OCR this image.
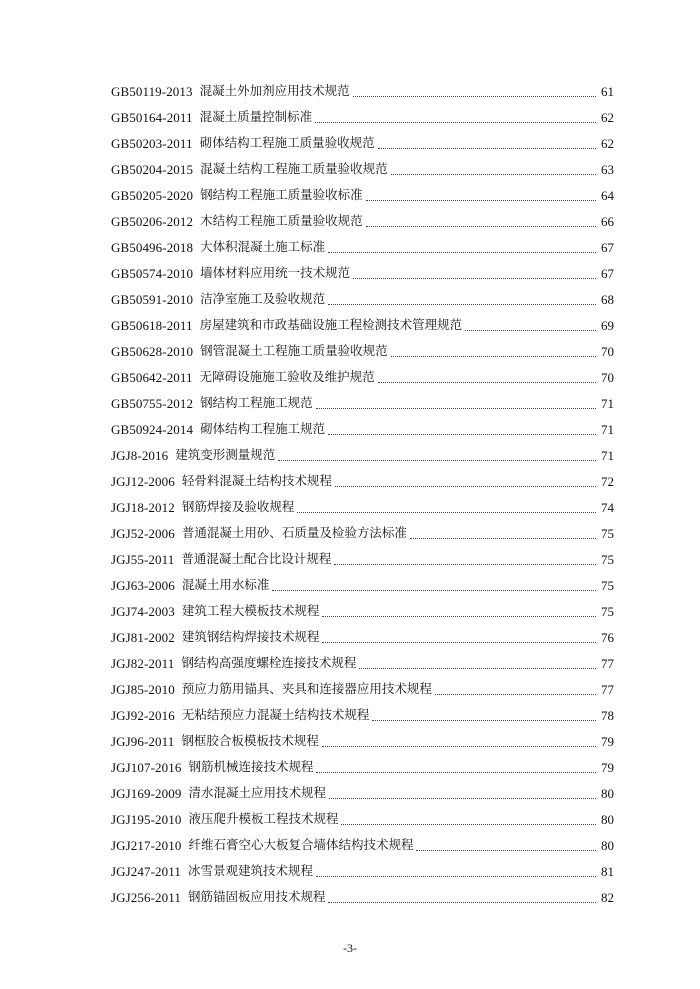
GB50119-2013 混凝土外加剂应用技术规范	61
GB50164-2011 混凝土质量控制标准	62
GB50203-2011 砌体结构工程施工质量验收规范	62
GB50204-2015 混凝土结构工程施工质量验收规范	63
GB50205-2020 钢结构工程施工质量验收标准	64
GB50206-2012 木结构工程施工质量验收规范	66
GB50496-2018 大体积混凝土施工标准	67
GB50574-2010 墙体材料应用统一技术规范	67
GB50591-2010 洁净室施工及验收规范	68
GB50618-2011 房屋建筑和市政基础设施工程检测技术管理规范	69
GB50628-2010 钢管混凝土工程施工质量验收规范	70
GB50642-2011 无障碍设施施工验收及维护规范	70
GB50755-2012 钢结构工程施工规范	71
GB50924-2014 砌体结构工程施工规范	71
JGJ8-2016 建筑变形测量规范	71
JGJ12-2006 轻骨料混凝土结构技术规程	72
JGJ18-2012 钢筋焊接及验收规程	74
JGJ52-2006 普通混凝土用砂、石质量及检验方法标准	75
JGJ55-2011 普通混凝土配合比设计规程	75
JGJ63-2006 混凝土用水标准	75
JGJ74-2003 建筑工程大模板技术规程	75
JGJ81-2002 建筑钢结构焊接技术规程	76
JGJ82-2011 钢结构高强度螺栓连接技术规程	77
JGJ85-2010 预应力筋用锚具、夹具和连接器应用技术规程	77
JGJ92-2016 无粘结预应力混凝土结构技术规程	78
JGJ96-2011 钢框胶合板模板技术规程	79
JGJ107-2016 钢筋机械连接技术规程	79
JGJ169-2009 清水混凝土应用技术规程	80
JGJ195-2010 液压爬升模板工程技术规程	80
JGJ217-2010 纤维石膏空心大板复合墙体结构技术规程	80
JGJ247-2011 冰雪景观建筑技术规程	81
JGJ256-2011 钢筋锚固板应用技术规程	82
-3-
